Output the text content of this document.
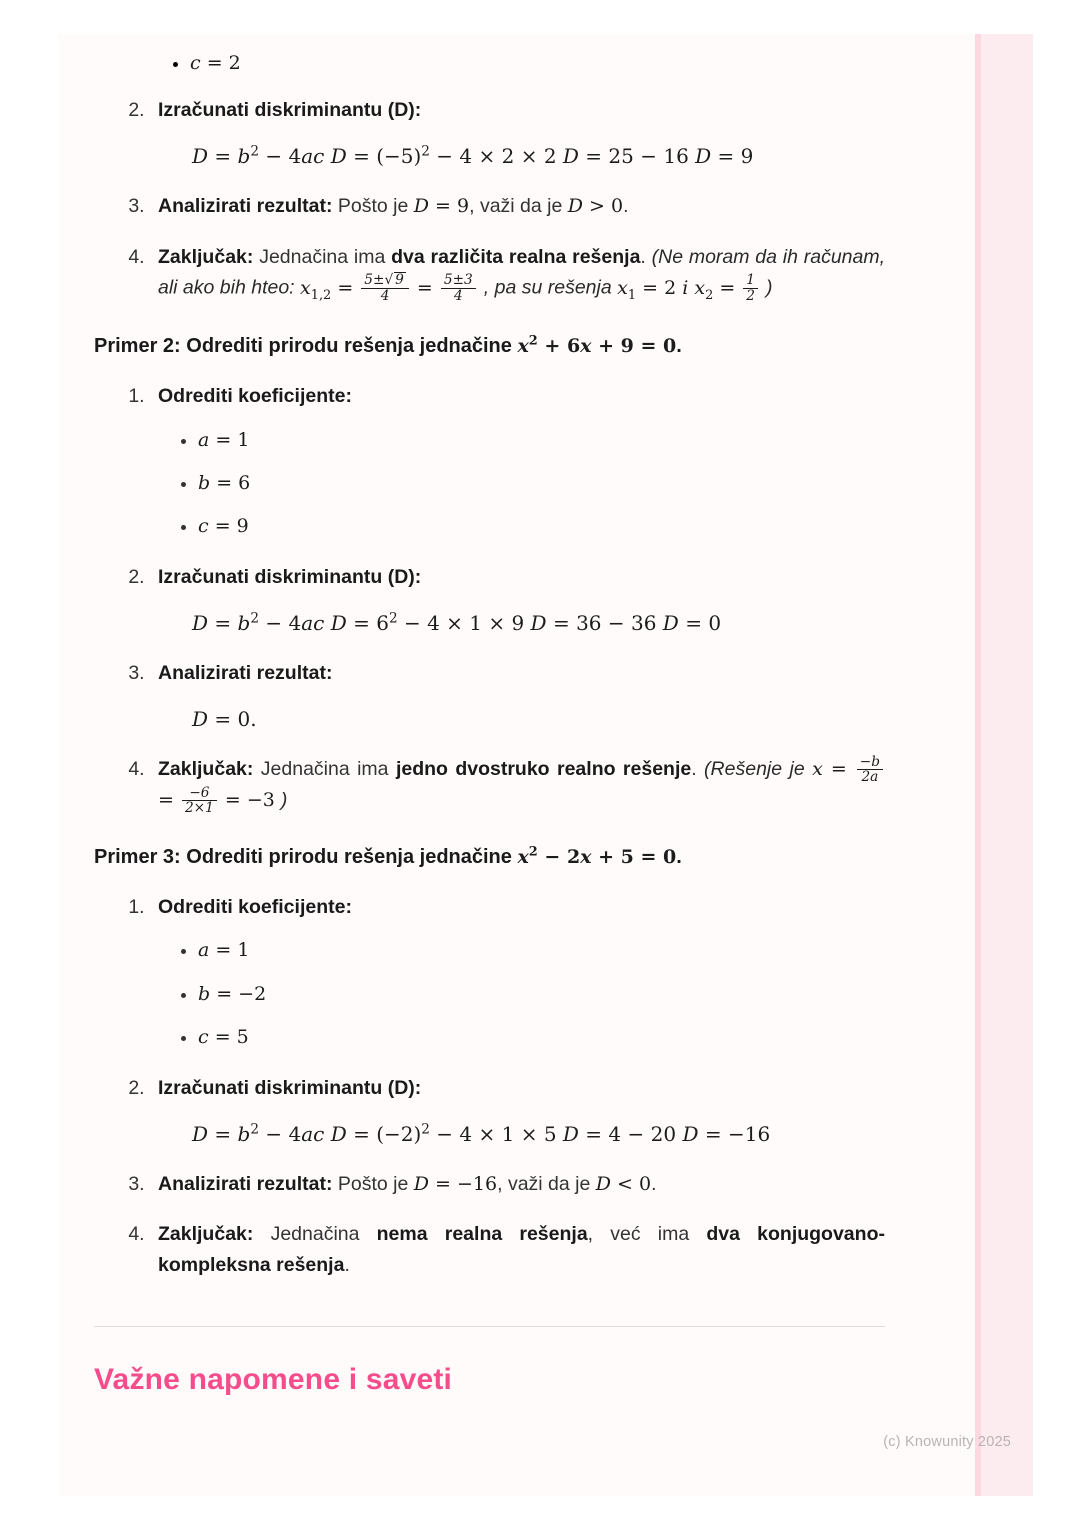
• c = 2
2. Izračunati diskriminantu (D):
$D = b^2 - 4ac$ $D = (-5)^2 - 4 \times 2 \times 2$ D = 25 − 16 D = 9
3. Analizirati rezultat: Pošto je D = 9, važi da je D > 0.
4. Zaključak: Jednačina ima dva različita realna rešenja. (Ne moram da ih računam, ali ako bih hteo: $x_{1,2} = \frac{5\pm√ 9}{4} = \frac{5\pm 3}{4}$ , pa su rešenja $x_1 = 2$ i $x_2 = \frac{1}{2}$ )
Primer 2: Odrediti prirodu rešenja jednačine $x^2 + 6x + 9 = 0$.
1. Odrediti koeficijente:
• a = 1
• b = 6
• c = 9
2. Izračunati diskriminantu (D):
$D = b^2 - 4ac$ $D = 6^2 - 4 \times 1 \times 9$ D = 36 − 36 D = 0
3. Analizirati rezultat:
D = 0.
4. Zaključak: Jednačina ima jedno dvostruko realno rešenje. (Rešenje je $x = \frac{-b}{2a}$
= $\frac{-6}{2\times 1} = -3$ )
Primer 3: Odrediti prirodu rešenja jednačine $x^2 - 2x + 5 = 0$.
1. Odrediti koeficijente:
• a = 1
• b = −2
• c = 5
2. Izračunati diskriminantu (D):
$D = b^2 - 4ac$ $D = (-2)^2 - 4 \times 1 \times 5$ D = 4 − 20 D = −16
3. Analizirati rezultat: Pošto je D = −16, važi da je D < 0.
4. Zaključak: Jednačina nema realna rešenja, već ima dva konjugovano-kompleksna rešenja.
Važne napomene i saveti
(c) Knowunity 2025
